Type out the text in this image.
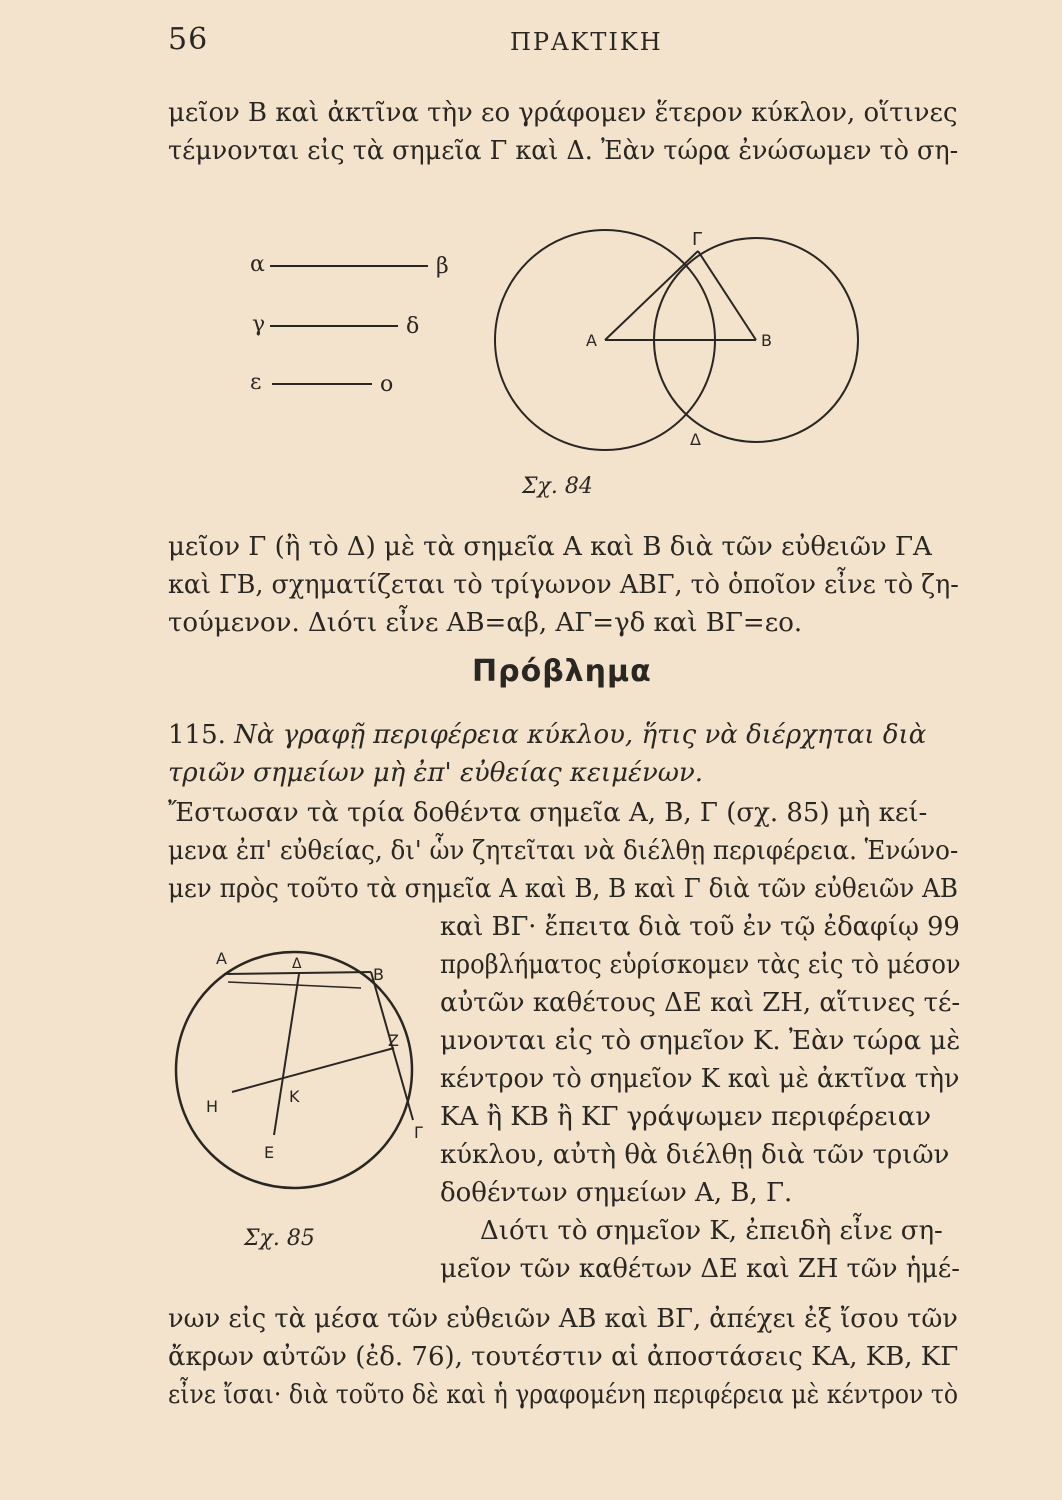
56	ΠΡΑΚΤΙΚΗ
μεῖον Β καὶ ἀκτῖνα τὴν εο γράφομεν ἕτερον κύκλον, οἵτινες
τέμνονται εἰς τὰ σημεῖα Γ καὶ Δ. Ἐὰν τώρα ἐνώσωμεν τὸ ση-
α	β
γ	δ
ε	ο
Γ
Α	Β
Δ
Σχ. 84
μεῖον Γ (ἢ τὸ Δ) μὲ τὰ σημεῖα Α καὶ Β διὰ τῶν εὐθειῶν ΓΑ
καὶ ΓΒ, σχηματίζεται τὸ τρίγωνον ΑΒΓ, τὸ ὁποῖον εἶνε τὸ ζη-
τούμενον. Διότι εἶνε ΑΒ=αβ, ΑΓ=γδ καὶ ΒΓ=εο.
Πρόβλημα
115. Νὰ γραφῇ περιφέρεια κύκλου, ἥτις νὰ διέρχηται διὰ
τριῶν σημείων μὴ ἐπ' εὐθείας κειμένων.
Ἔστωσαν τὰ τρία δοθέντα σημεῖα Α, Β, Γ (σχ. 85) μὴ κεί-
μενα ἐπ' εὐθείας, δι' ὧν ζητεῖται νὰ διέλθῃ περιφέρεια. Ἑνώνο-
μεν πρὸς τοῦτο τὰ σημεῖα Α καὶ Β, Β καὶ Γ διὰ τῶν εὐθειῶν ΑΒ
καὶ ΒΓ· ἔπειτα διὰ τοῦ ἐν τῷ ἐδαφίῳ 99
προβλήματος εὑρίσκομεν τὰς εἰς τὸ μέσον
αὐτῶν καθέτους ΔΕ καὶ ΖΗ, αἵτινες τέ-
μνονται εἰς τὸ σημεῖον Κ. Ἐὰν τώρα μὲ
κέντρον τὸ σημεῖον Κ καὶ μὲ ἀκτῖνα τὴν
ΚΑ ἢ ΚΒ ἢ ΚΓ γράψωμεν περιφέρειαν
κύκλου, αὐτὴ θὰ διέλθῃ διὰ τῶν τριῶν
δοθέντων σημείων Α, Β, Γ.
Διότι τὸ σημεῖον Κ, ἐπειδὴ εἶνε ση-
μεῖον τῶν καθέτων ΔΕ καὶ ΖΗ τῶν ἡμέ-
Α	Δ
Β
Ζ
Η
Κ
Γ
Ε
Σχ. 85
νων εἰς τὰ μέσα τῶν εὐθειῶν ΑΒ καὶ ΒΓ, ἀπέχει ἐξ ἴσου τῶν
ἄκρων αὐτῶν (ἐδ. 76), τουτέστιν αἱ ἀποστάσεις ΚΑ, ΚΒ, ΚΓ
εἶνε ἴσαι· διὰ τοῦτο δὲ καὶ ἡ γραφομένη περιφέρεια μὲ κέντρον τὸ
